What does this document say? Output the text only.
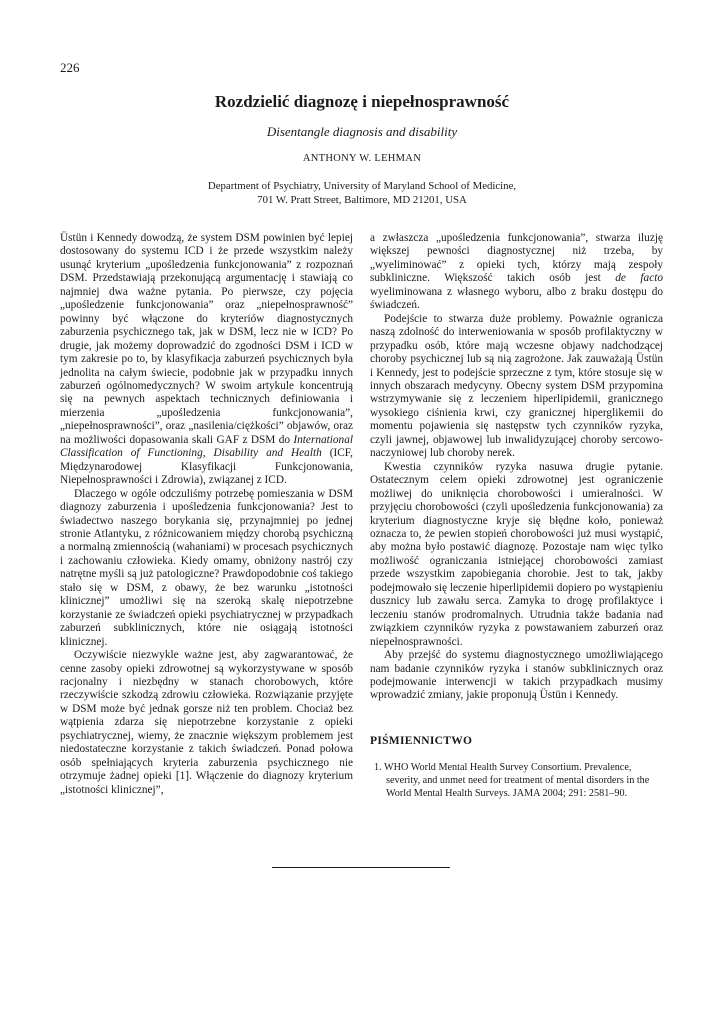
226
Rozdzielić diagnozę i niepełnosprawność
Disentangle diagnosis and disability
ANTHONY W. LEHMAN
Department of Psychiatry, University of Maryland School of Medicine,
701 W. Pratt Street, Baltimore, MD 21201, USA

Üstün i Kennedy dowodzą, że system DSM powinien być lepiej dostosowany do systemu ICD i że przede wszystkim należy usunąć kryterium „upośledzenia funkcjonowania” z rozpoznań DSM. Przedstawiają przekonującą argumentację i stawiają co najmniej dwa ważne pytania. Po pierwsze, czy pojęcia „upośledzenie funkcjonowania” oraz „niepełnosprawność” powinny być włączone do kryteriów diagnostycznych zaburzenia psychicznego tak, jak w DSM, lecz nie w ICD? Po drugie, jak możemy doprowadzić do zgodności DSM i ICD w tym zakresie po to, by klasyfikacja zaburzeń psychicznych była jednolita na całym świecie, podobnie jak w przypadku innych zaburzeń ogólnomedycznych? W swoim artykule koncentrują się na pewnych aspektach technicznych definiowania i mierzenia „upośledzenia funkcjonowania”, „niepełnosprawności”, oraz „nasilenia/ciężkości” objawów, oraz na możliwości dopasowania skali GAF z DSM do International Classification of Functioning, Disability and Health (ICF, Międzynarodowej Klasyfikacji Funkcjonowania, Niepełnosprawności i Zdrowia), związanej z ICD.

Dlaczego w ogóle odczuliśmy potrzebę pomieszania w DSM diagnozy zaburzenia i upośledzenia funkcjonowania? Jest to świadectwo naszego borykania się, przynajmniej po jednej stronie Atlantyku, z różnicowaniem między chorobą psychiczną a normalną zmiennością (wahaniami) w procesach psychicznych i zachowaniu człowieka. Kiedy omamy, obniżony nastrój czy natrętne myśli są już patologiczne? Prawdopodobnie coś takiego stało się w DSM, z obawy, że bez warunku „istotności klinicznej” umożliwi się na szeroką skalę niepotrzebne korzystanie ze świadczeń opieki psychiatrycznej w przypadkach zaburzeń subklinicznych, które nie osiągają istotności klinicznej.

Oczywiście niezwykle ważne jest, aby zagwarantować, że cenne zasoby opieki zdrowotnej są wykorzystywane w sposób racjonalny i niezbędny w stanach chorobowych, które rzeczywiście szkodzą zdrowiu człowieka. Rozwiązanie przyjęte w DSM może być jednak gorsze niż ten problem. Chociaż bez wątpienia zdarza się niepotrzebne korzystanie z opieki psychiatrycznej, wiemy, że znacznie większym problemem jest niedostateczne korzystanie z takich świadczeń. Ponad połowa osób spełniających kryteria zaburzenia psychicznego nie otrzymuje żadnej opieki [1]. Włączenie do diagnozy kryterium „istotności klinicznej”,

a zwłaszcza „upośledzenia funkcjonowania”, stwarza iluzję większej pewności diagnostycznej niż trzeba, by „wyeliminować” z opieki tych, którzy mają zespoły subkliniczne. Większość takich osób jest de facto wyeliminowana z własnego wyboru, albo z braku dostępu do świadczeń.

Podejście to stwarza duże problemy. Poważnie ogranicza naszą zdolność do interweniowania w sposób profilaktyczny w przypadku osób, które mają wczesne objawy nadchodzącej choroby psychicznej lub są nią zagrożone. Jak zauważają Üstün i Kennedy, jest to podejście sprzeczne z tym, które stosuje się w innych obszarach medycyny. Obecny system DSM przypomina wstrzymywanie się z leczeniem hiperlipidemii, granicznego wysokiego ciśnienia krwi, czy granicznej hiperglikemii do momentu pojawienia się następstw tych czynników ryzyka, czyli jawnej, objawowej lub inwalidyzującej choroby sercowo-naczyniowej lub choroby nerek.

Kwestia czynników ryzyka nasuwa drugie pytanie. Ostatecznym celem opieki zdrowotnej jest ograniczenie możliwej do uniknięcia chorobowości i umieralności. W przyjęciu chorobowości (czyli upośledzenia funkcjonowania) za kryterium diagnostyczne kryje się błędne koło, ponieważ oznacza to, że pewien stopień chorobowości już musi wystąpić, aby można było postawić diagnozę. Pozostaje nam więc tylko możliwość ograniczania istniejącej chorobowości zamiast przede wszystkim zapobiegania chorobie. Jest to tak, jakby podejmowało się leczenie hiperlipidemii dopiero po wystąpieniu dusznicy lub zawału serca. Zamyka to drogę profilaktyce i leczeniu stanów prodromalnych. Utrudnia także badania nad związkiem czynników ryzyka z powstawaniem zaburzeń oraz niepełnosprawności.

Aby przejść do systemu diagnostycznego umożliwiającego nam badanie czynników ryzyka i stanów subklinicznych oraz podejmowanie interwencji w takich przypadkach musimy wprowadzić zmiany, jakie proponują Üstün i Kennedy.

PIŚMIENNICTWO
1. WHO World Mental Health Survey Consortium. Prevalence, severity, and unmet need for treatment of mental disorders in the World Mental Health Surveys. JAMA 2004; 291: 2581–90.
